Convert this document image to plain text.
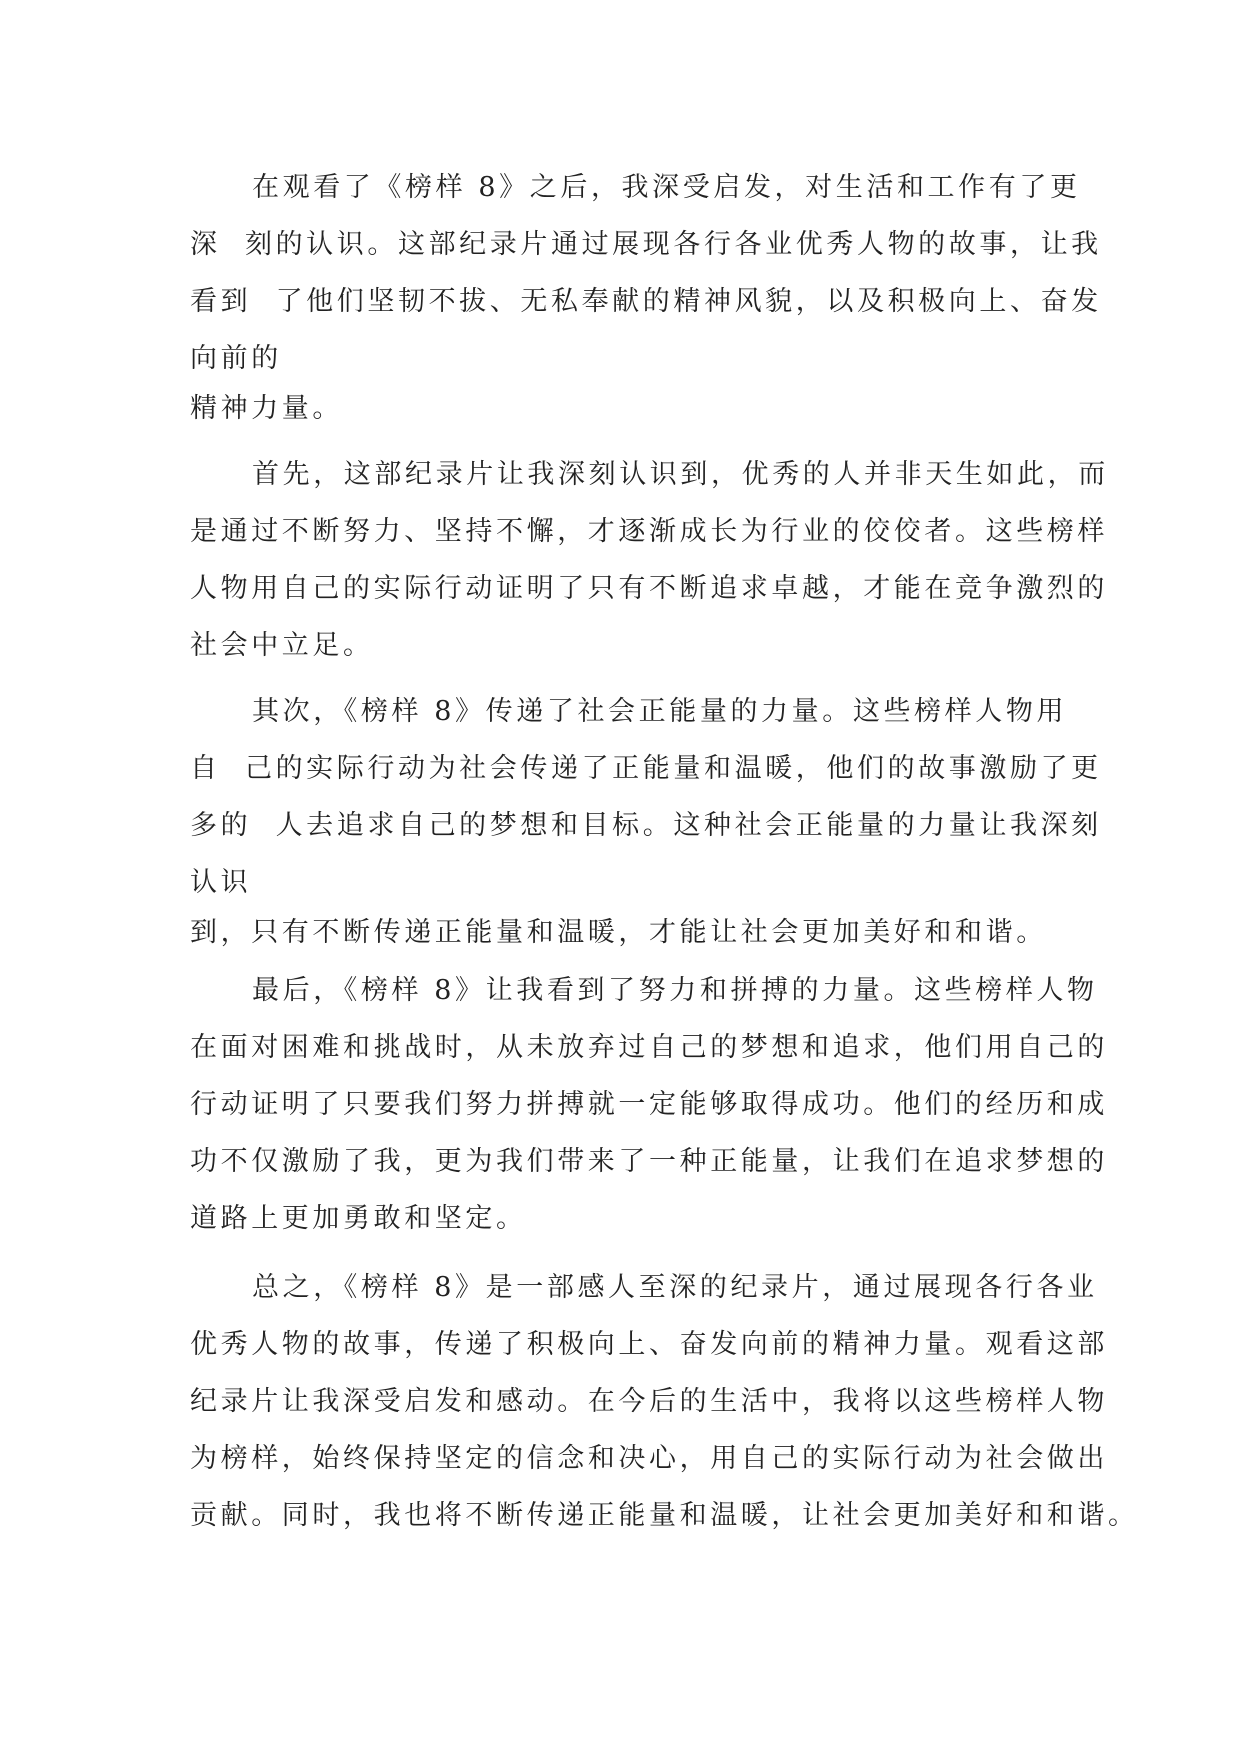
在观看了《榜样 8》之后，我深受启发，对生活和工作有了更
深  刻的认识。这部纪录片通过展现各行各业优秀人物的故事，让我
看到  了他们坚韧不拔、无私奉献的精神风貌，以及积极向上、奋发
向前的
精神力量。
首先，这部纪录片让我深刻认识到，优秀的人并非天生如此，而
是通过不断努力、坚持不懈，才逐渐成长为行业的佼佼者。这些榜样
人物用自己的实际行动证明了只有不断追求卓越，才能在竞争激烈的
社会中立足。
其次，《榜样 8》传递了社会正能量的力量。这些榜样人物用
自  己的实际行动为社会传递了正能量和温暖，他们的故事激励了更
多的  人去追求自己的梦想和目标。这种社会正能量的力量让我深刻
认识
到，只有不断传递正能量和温暖，才能让社会更加美好和和谐。
最后，《榜样 8》让我看到了努力和拼搏的力量。这些榜样人物
在面对困难和挑战时，从未放弃过自己的梦想和追求，他们用自己的
行动证明了只要我们努力拼搏就一定能够取得成功。他们的经历和成
功不仅激励了我，更为我们带来了一种正能量，让我们在追求梦想的
道路上更加勇敢和坚定。
总之，《榜样 8》是一部感人至深的纪录片，通过展现各行各业
优秀人物的故事，传递了积极向上、奋发向前的精神力量。观看这部
纪录片让我深受启发和感动。在今后的生活中，我将以这些榜样人物
为榜样，始终保持坚定的信念和决心，用自己的实际行动为社会做出
贡献。同时，我也将不断传递正能量和温暖，让社会更加美好和和谐。
